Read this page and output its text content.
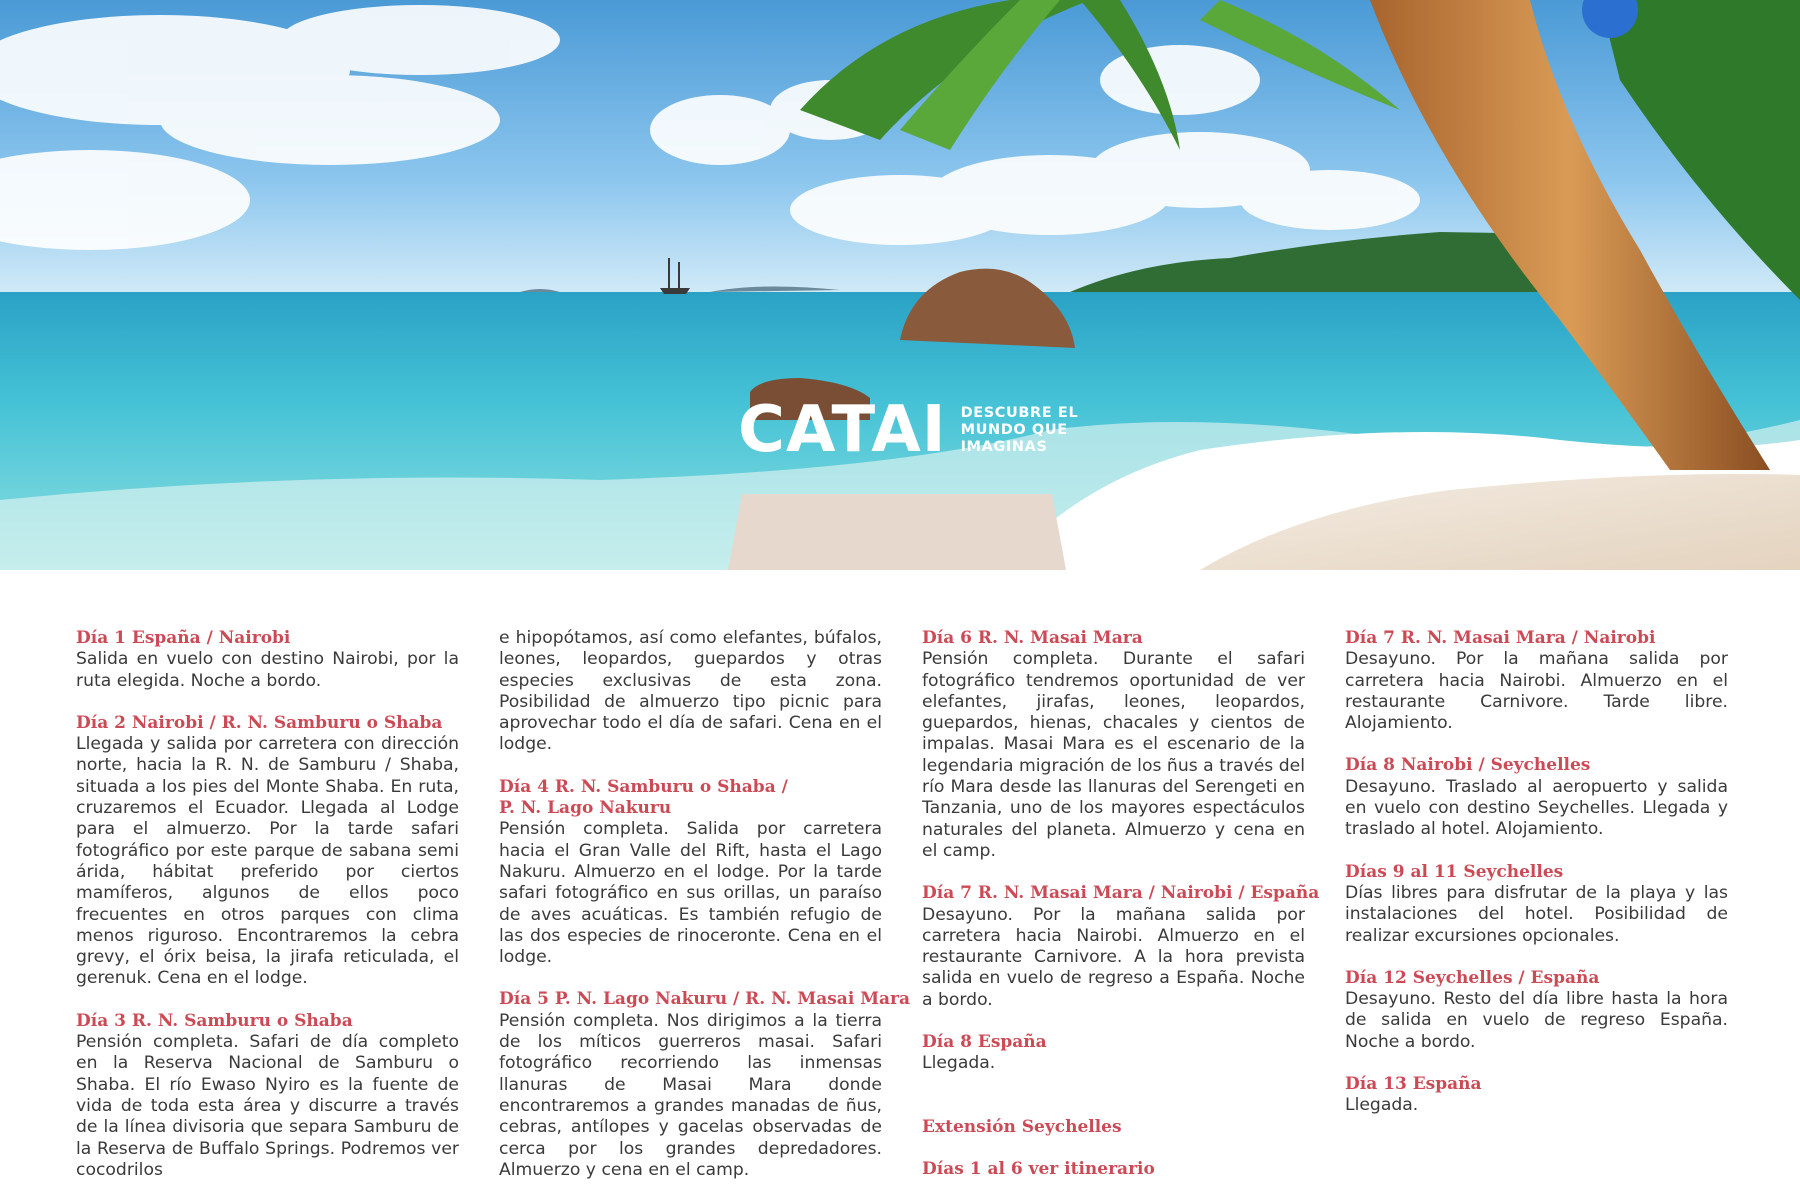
CATAI DESCUBRE EL
MUNDO QUE
IMAGINAS
Día 1 España / Nairobi
Salida en vuelo con destino Nairobi, por la ruta elegida. Noche a bordo.
Día 2 Nairobi / R. N. Samburu o Shaba
Llegada y salida por carretera con dirección norte, hacia la R. N. de Samburu / Shaba, situada a los pies del Monte Shaba. En ruta, cruzaremos el Ecuador. Llegada al Lodge para el almuerzo. Por la tarde safari fotográfico por este parque de sabana semi árida, hábitat preferido por ciertos mamíferos, algunos de ellos poco frecuentes en otros parques con clima menos riguroso. Encontraremos la cebra grevy, el órix beisa, la jirafa reticulada, el gerenuk. Cena en el lodge.
Día 3 R. N. Samburu o Shaba
Pensión completa. Safari de día completo en la Reserva Nacional de Samburu o Shaba. El río Ewaso Nyiro es la fuente de vida de toda esta área y discurre a través de la línea divisoria que separa Samburu de la Reserva de Buffalo Springs. Podremos ver cocodrilos
e hipopótamos, así como elefantes, búfalos, leones, leopardos, guepardos y otras especies exclusivas de esta zona. Posibilidad de almuerzo tipo picnic para aprovechar todo el día de safari. Cena en el lodge.
Día 4 R. N. Samburu o Shaba /
P. N. Lago Nakuru
Pensión completa. Salida por carretera hacia el Gran Valle del Rift, hasta el Lago Nakuru. Almuerzo en el lodge. Por la tarde safari fotográfico en sus orillas, un paraíso de aves acuáticas. Es también refugio de las dos especies de rinoceronte. Cena en el lodge.
Día 5 P. N. Lago Nakuru / R. N. Masai Mara
Pensión completa. Nos dirigimos a la tierra de los míticos guerreros masai. Safari fotográfico recorriendo las inmensas llanuras de Masai Mara donde encontraremos a grandes manadas de ñus, cebras, antílopes y gacelas observadas de cerca por los grandes depredadores. Almuerzo y cena en el camp.
Día 6 R. N. Masai Mara
Pensión completa. Durante el safari fotográfico tendremos oportunidad de ver elefantes, jirafas, leones, leopardos, guepardos, hienas, chacales y cientos de impalas. Masai Mara es el escenario de la legendaria migración de los ñus a través del río Mara desde las llanuras del Serengeti en Tanzania, uno de los mayores espectáculos naturales del planeta. Almuerzo y cena en el camp.
Día 7 R. N. Masai Mara / Nairobi / España
Desayuno. Por la mañana salida por carretera hacia Nairobi. Almuerzo en el restaurante Carnivore. A la hora prevista salida en vuelo de regreso a España. Noche a bordo.
Día 8 España
Llegada.
Extensión Seychelles
Días 1 al 6 ver itinerario
Día 7 R. N. Masai Mara / Nairobi
Desayuno. Por la mañana salida por carretera hacia Nairobi. Almuerzo en el restaurante Carnivore. Tarde libre. Alojamiento.
Día 8 Nairobi / Seychelles
Desayuno. Traslado al aeropuerto y salida en vuelo con destino Seychelles. Llegada y traslado al hotel. Alojamiento.
Días 9 al 11 Seychelles
Días libres para disfrutar de la playa y las instalaciones del hotel. Posibilidad de realizar excursiones opcionales.
Día 12 Seychelles / España
Desayuno. Resto del día libre hasta la hora de salida en vuelo de regreso España. Noche a bordo.
Día 13 España
Llegada.
